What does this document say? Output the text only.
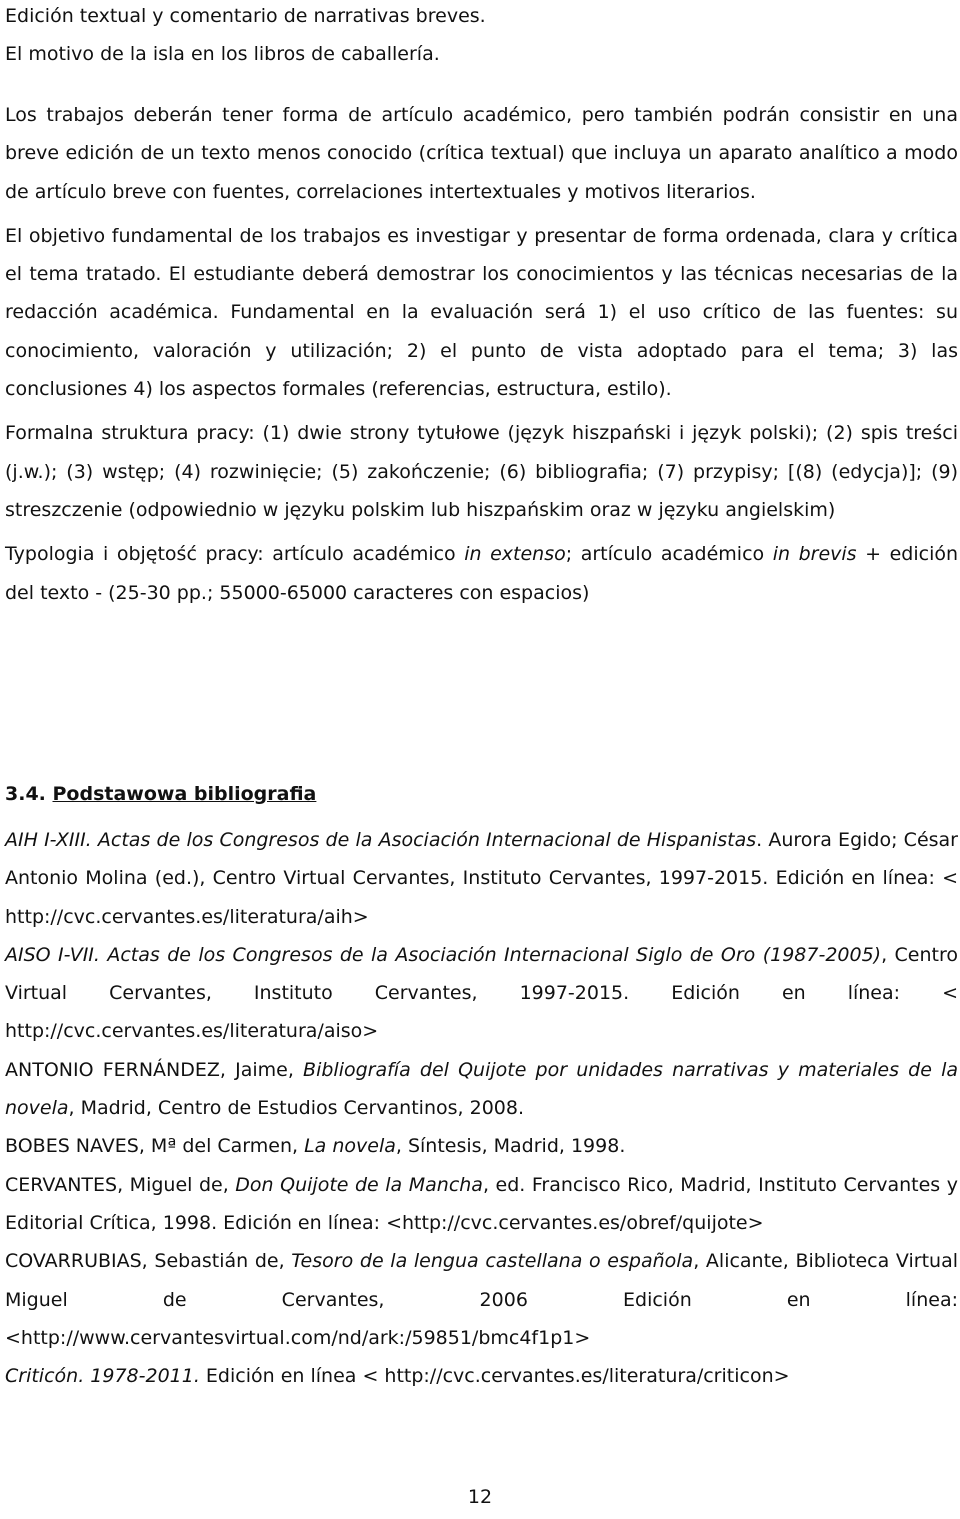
Edición textual y comentario de narrativas breves.
El motivo de la isla en los libros de caballería.

Los trabajos deberán tener forma de artículo académico, pero también podrán consistir en una breve edición de un texto menos conocido (crítica textual) que incluya un aparato analítico a modo de artículo breve con fuentes, correlaciones intertextuales y motivos literarios.

El objetivo fundamental de los trabajos es investigar y presentar de forma ordenada, clara y crítica el tema tratado. El estudiante deberá demostrar los conocimientos y las técnicas necesarias de la redacción académica. Fundamental en la evaluación será 1) el uso crítico de las fuentes: su conocimiento, valoración y utilización; 2) el punto de vista adoptado para el tema; 3) las conclusiones 4) los aspectos formales (referencias, estructura, estilo).

Formalna struktura pracy: (1) dwie strony tytułowe (język hiszpański i język polski); (2) spis treści (j.w.); (3) wstęp; (4) rozwinięcie; (5) zakończenie; (6) bibliografia; (7) przypisy; [(8) (edycja)]; (9) streszczenie (odpowiednio w języku polskim lub hiszpańskim oraz w języku angielskim)

Typologia i objętość pracy: artículo académico in extenso; artículo académico in brevis + edición del texto - (25-30 pp.; 55000-65000 caracteres con espacios)

3.4. Podstawowa bibliografia

AIH I-XIII. Actas de los Congresos de la Asociación Internacional de Hispanistas. Aurora Egido; César Antonio Molina (ed.), Centro Virtual Cervantes, Instituto Cervantes, 1997-2015. Edición en línea: < http://cvc.cervantes.es/literatura/aih>

AISO I-VII. Actas de los Congresos de la Asociación Internacional Siglo de Oro (1987-2005), Centro Virtual Cervantes, Instituto Cervantes, 1997-2015. Edición en línea: < http://cvc.cervantes.es/literatura/aiso>

ANTONIO FERNÁNDEZ, Jaime, Bibliografía del Quijote por unidades narrativas y materiales de la novela, Madrid, Centro de Estudios Cervantinos, 2008.

BOBES NAVES, Mª del Carmen, La novela, Síntesis, Madrid, 1998.

CERVANTES, Miguel de, Don Quijote de la Mancha, ed. Francisco Rico, Madrid, Instituto Cervantes y Editorial Crítica, 1998. Edición en línea: <http://cvc.cervantes.es/obref/quijote>

COVARRUBIAS, Sebastián de, Tesoro de la lengua castellana o española, Alicante, Biblioteca Virtual Miguel de Cervantes, 2006 Edición en línea: <http://www.cervantesvirtual.com/nd/ark:/59851/bmc4f1p1>

Criticón. 1978-2011. Edición en línea < http://cvc.cervantes.es/literatura/criticon>

12
